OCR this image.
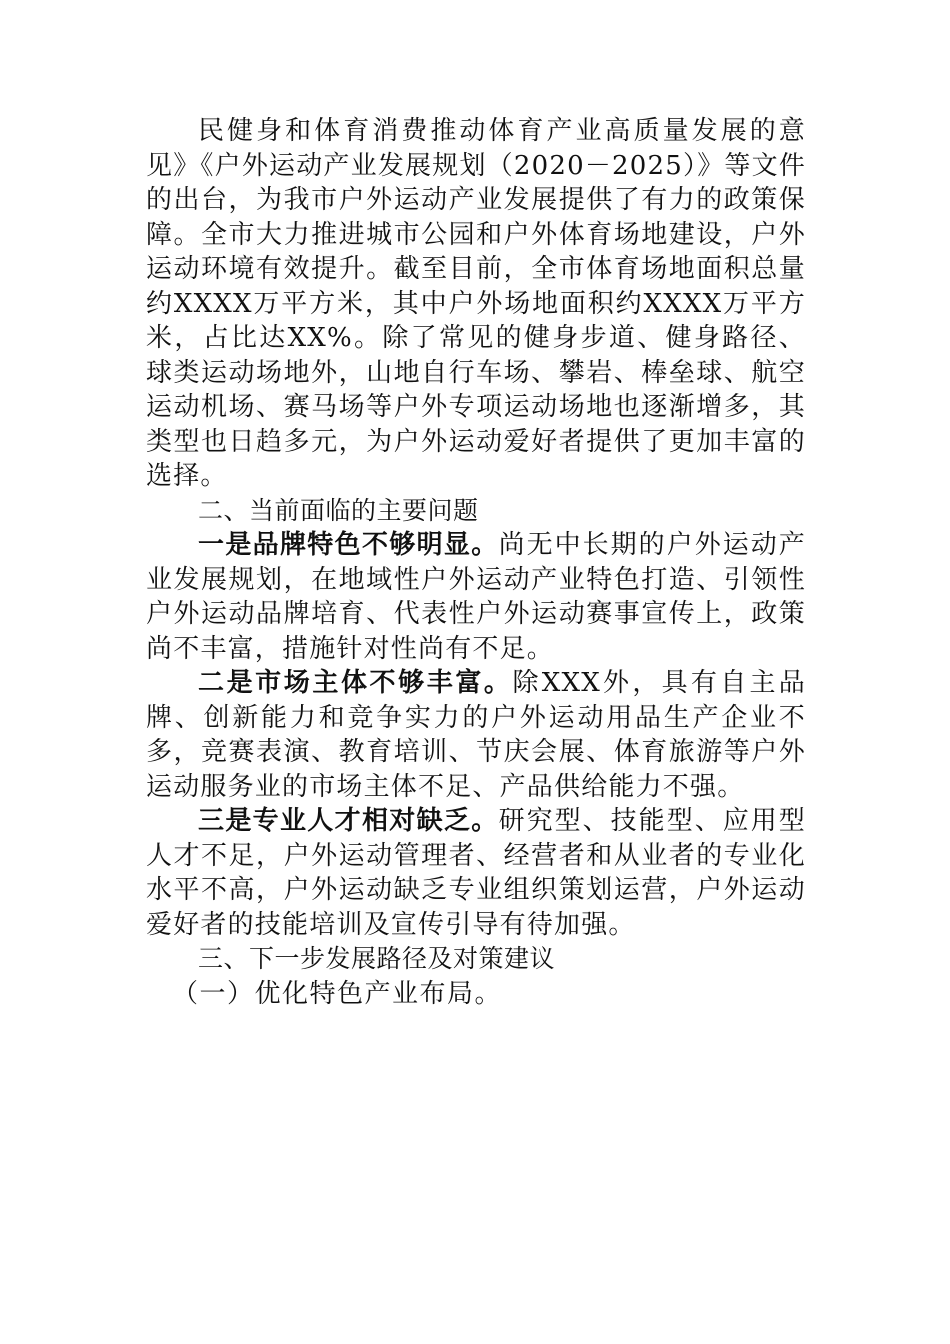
民健身和体育消费推动体育产业高质量发展的意见》《户外运动产业发展规划（2020－2025）》等文件的出台，为我市户外运动产业发展提供了有力的政策保障。全市大力推进城市公园和户外体育场地建设，户外运动环境有效提升。截至目前，全市体育场地面积总量约XXXX万平方米，其中户外场地面积约XXXX万平方米，占比达XX%。除了常见的健身步道、健身路径、球类运动场地外，山地自行车场、攀岩、棒垒球、航空运动机场、赛马场等户外专项运动场地也逐渐增多，其类型也日趋多元，为户外运动爱好者提供了更加丰富的选择。

二、当前面临的主要问题

一是品牌特色不够明显。尚无中长期的户外运动产业发展规划，在地域性户外运动产业特色打造、引领性户外运动品牌培育、代表性户外运动赛事宣传上，政策尚不丰富，措施针对性尚有不足。

二是市场主体不够丰富。除XXX外，具有自主品牌、创新能力和竞争实力的户外运动用品生产企业不多，竞赛表演、教育培训、节庆会展、体育旅游等户外运动服务业的市场主体不足、产品供给能力不强。

三是专业人才相对缺乏。研究型、技能型、应用型人才不足，户外运动管理者、经营者和从业者的专业化水平不高，户外运动缺乏专业组织策划运营，户外运动爱好者的技能培训及宣传引导有待加强。

三、下一步发展路径及对策建议

（一）优化特色产业布局。
